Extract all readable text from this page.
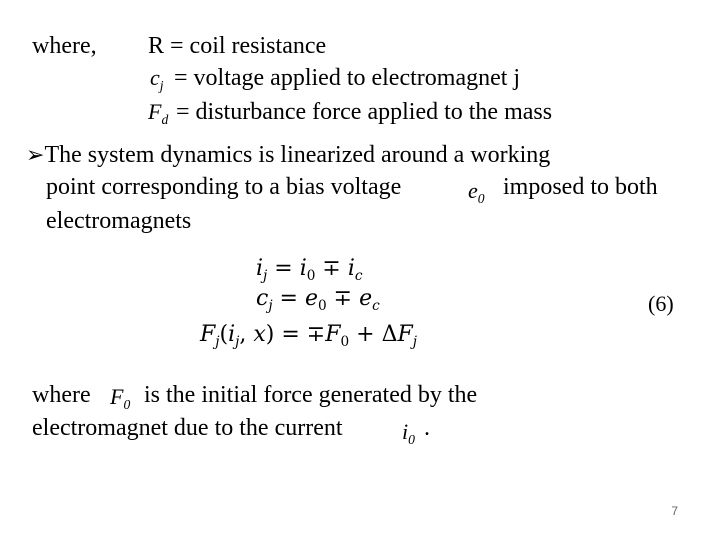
where, R = coil resistance
$c_j$ = voltage applied to electromagnet j
$F_d$ = disturbance force applied to the mass
➢The system dynamics is linearized around a working
point corresponding to a bias voltage	$e_0$ imposed to both
electromagnets
$i_j = i_0 \mp i_c$
$c_j = e_0 \mp e_c$
$F_j(i_j$, $x) = \mp F_0 + \Delta F_j$
(6)
where $F_0$ is the initial force generated by the
electromagnet due to the current	$i_0$ .
7
